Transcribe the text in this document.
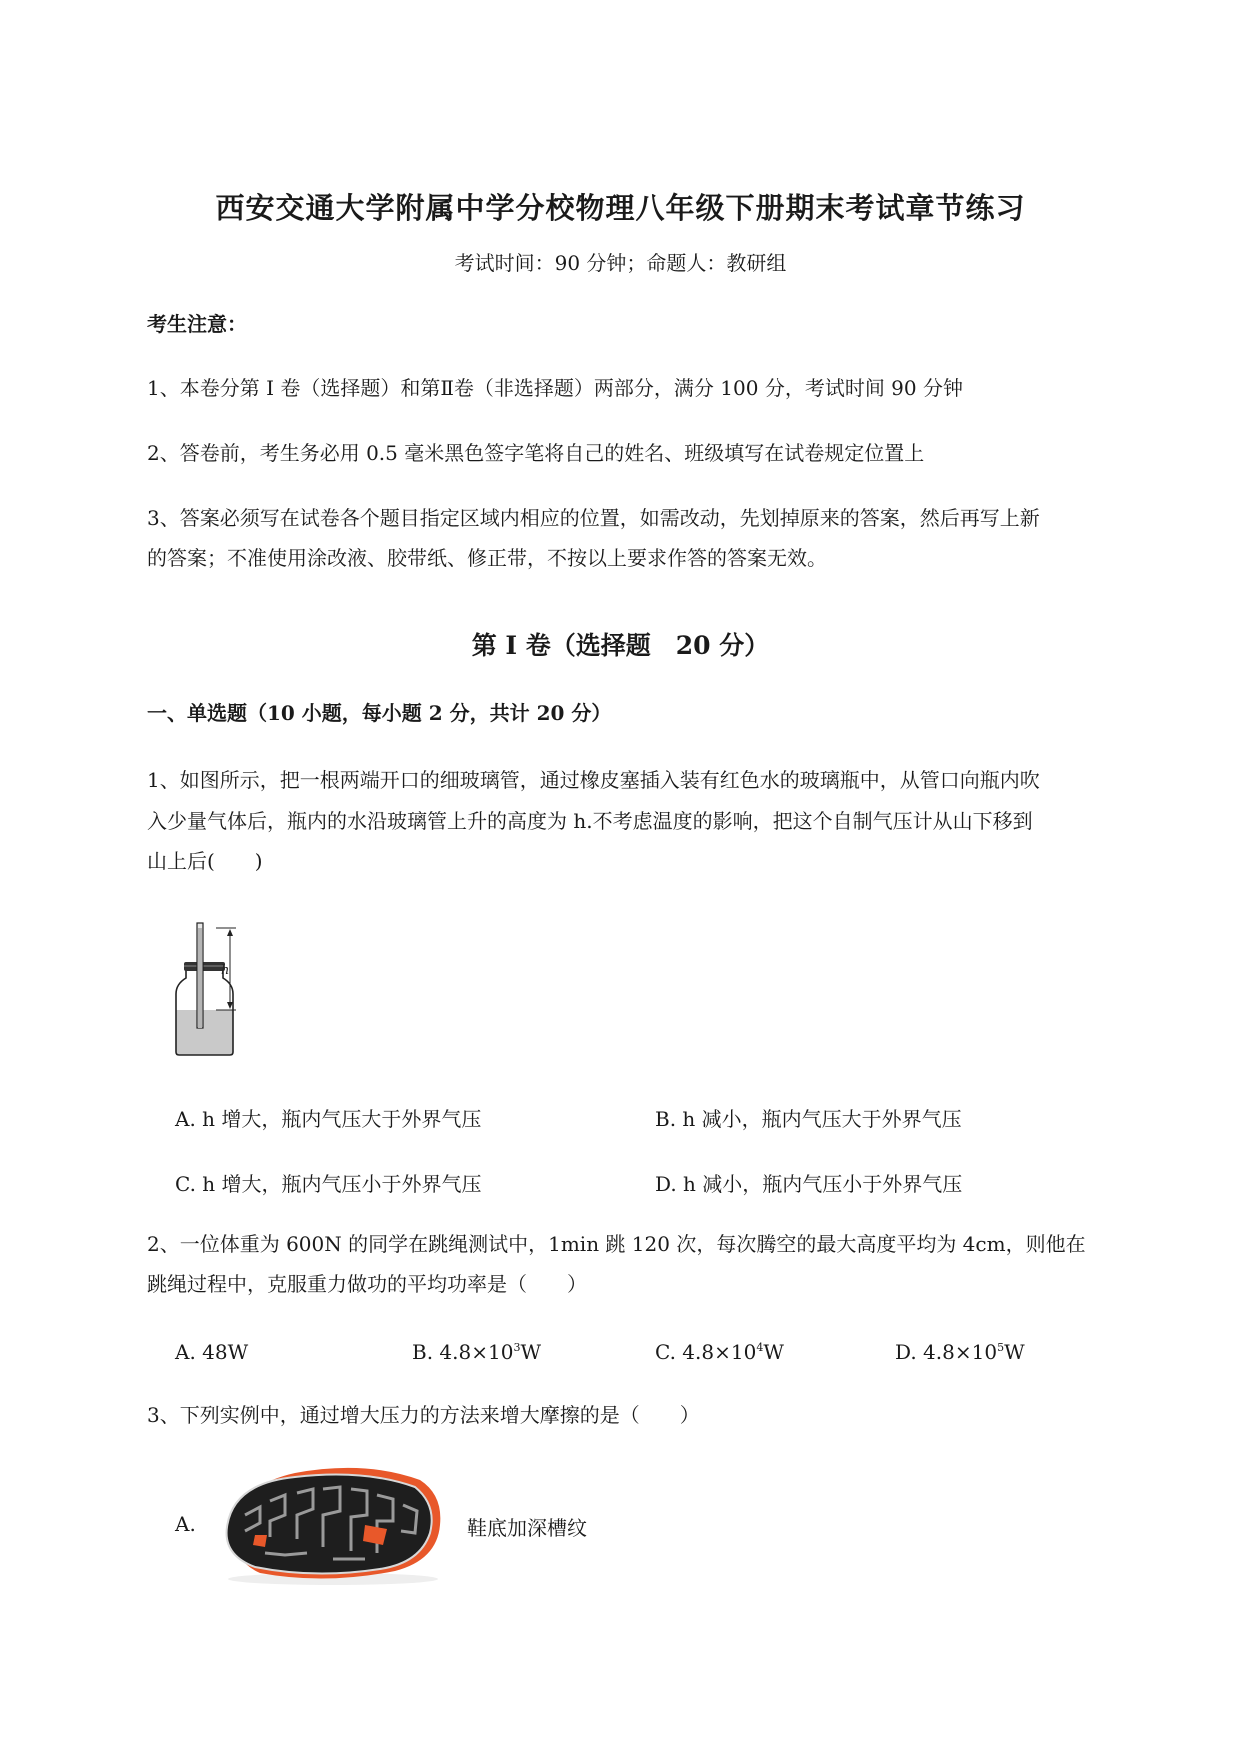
西安交通大学附属中学分校物理八年级下册期末考试章节练习
考试时间：90 分钟；命题人：教研组
考生注意：
1、本卷分第 I 卷（选择题）和第Ⅱ卷（非选择题）两部分，满分 100 分，考试时间 90 分钟
2、答卷前，考生务必用 0.5 毫米黑色签字笔将自己的姓名、班级填写在试卷规定位置上
3、答案必须写在试卷各个题目指定区域内相应的位置，如需改动，先划掉原来的答案，然后再写上新
的答案；不准使用涂改液、胶带纸、修正带，不按以上要求作答的答案无效。
第 I 卷（选择题　20 分）
一、单选题（10 小题，每小题 2 分，共计 20 分）
1、如图所示，把一根两端开口的细玻璃管，通过橡皮塞插入装有红色水的玻璃瓶中，从管口向瓶内吹
入少量气体后，瓶内的水沿玻璃管上升的高度为 h.不考虑温度的影响，把这个自制气压计从山下移到
山上后(　　)
h
A. h 增大，瓶内气压大于外界气压	B. h 减小，瓶内气压大于外界气压
C. h 增大，瓶内气压小于外界气压	D. h 减小，瓶内气压小于外界气压
2、一位体重为 600N 的同学在跳绳测试中，1min 跳 120 次，每次腾空的最大高度平均为 4cm，则他在
跳绳过程中，克服重力做功的平均功率是（　　）
A. 48W	B. $4.8\times 10^3W$	C. $4.8\times 10^4W$	D. $4.8\times 10^5W$
3、下列实例中，通过增大压力的方法来增大摩擦的是（　　）
A.	鞋底加深槽纹
